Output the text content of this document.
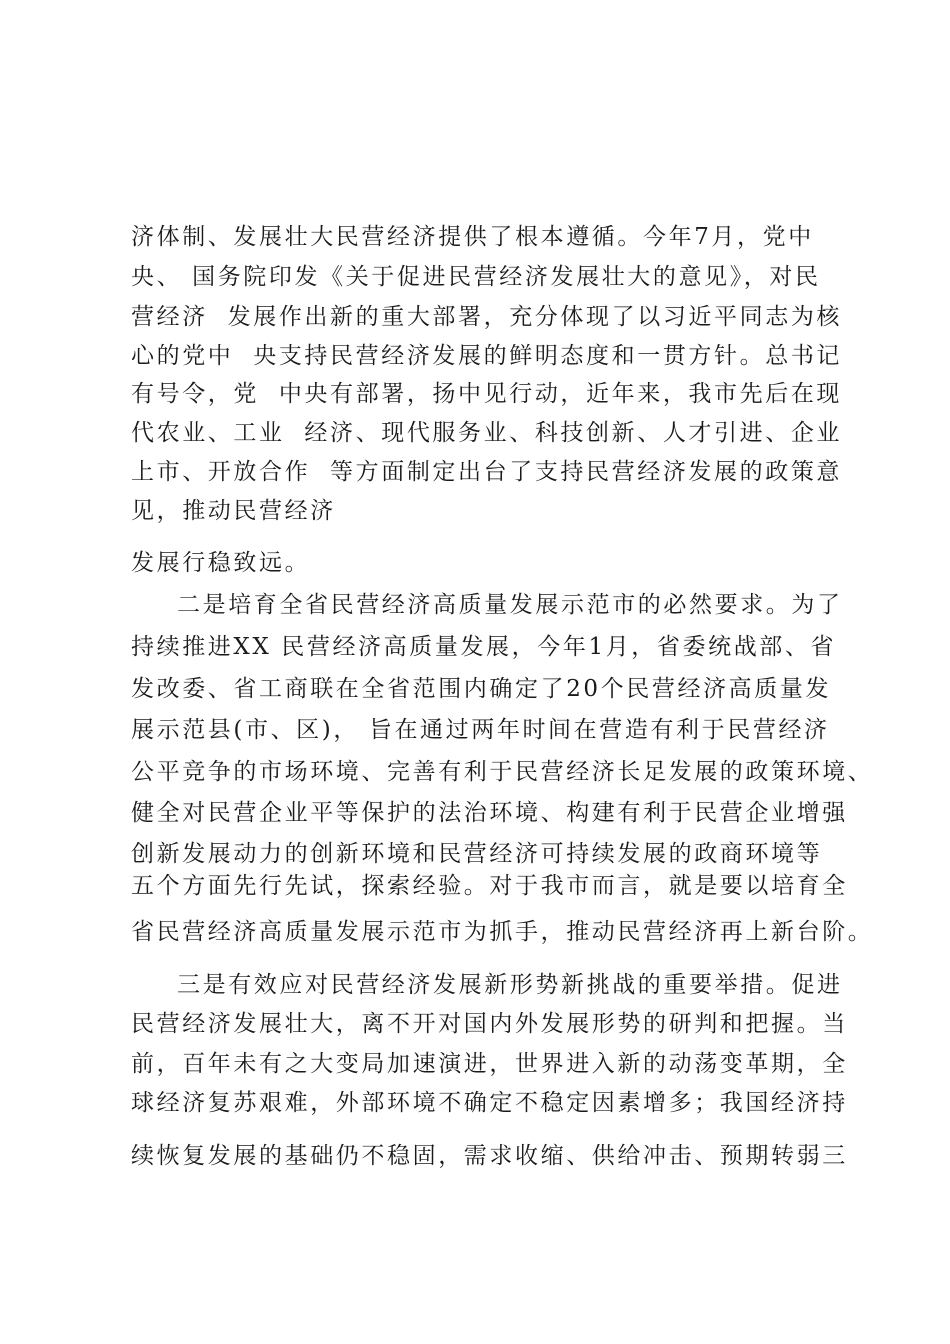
济体制、发展壮大民营经济提供了根本遵循。今年7月，党中
央、 国务院印发《关于促进民营经济发展壮大的意见》，对民
营经济  发展作出新的重大部署，充分体现了以习近平同志为核
心的党中  央支持民营经济发展的鲜明态度和一贯方针。总书记
有号令，党  中央有部署，扬中见行动，近年来，我市先后在现
代农业、工业  经济、现代服务业、科技创新、人才引进、企业
上市、开放合作  等方面制定出台了支持民营经济发展的政策意
见，推动民营经济
发展行稳致远。
二是培育全省民营经济高质量发展示范市的必然要求。为了
持续推进XX 民营经济高质量发展，今年1月，省委统战部、省
发改委、省工商联在全省范围内确定了20个民营经济高质量发
展示范县(市、区)， 旨在通过两年时间在营造有利于民营经济
公平竞争的市场环境、完善有利于民营经济长足发展的政策环境、
健全对民营企业平等保护的法治环境、构建有利于民营企业增强
创新发展动力的创新环境和民营经济可持续发展的政商环境等
五个方面先行先试，探索经验。对于我市而言，就是要以培育全
省民营经济高质量发展示范市为抓手，推动民营经济再上新台阶。
三是有效应对民营经济发展新形势新挑战的重要举措。促进
民营经济发展壮大，离不开对国内外发展形势的研判和把握。当
前，百年未有之大变局加速演进，世界进入新的动荡变革期，全
球经济复苏艰难，外部环境不确定不稳定因素增多；我国经济持
续恢复发展的基础仍不稳固，需求收缩、供给冲击、预期转弱三
